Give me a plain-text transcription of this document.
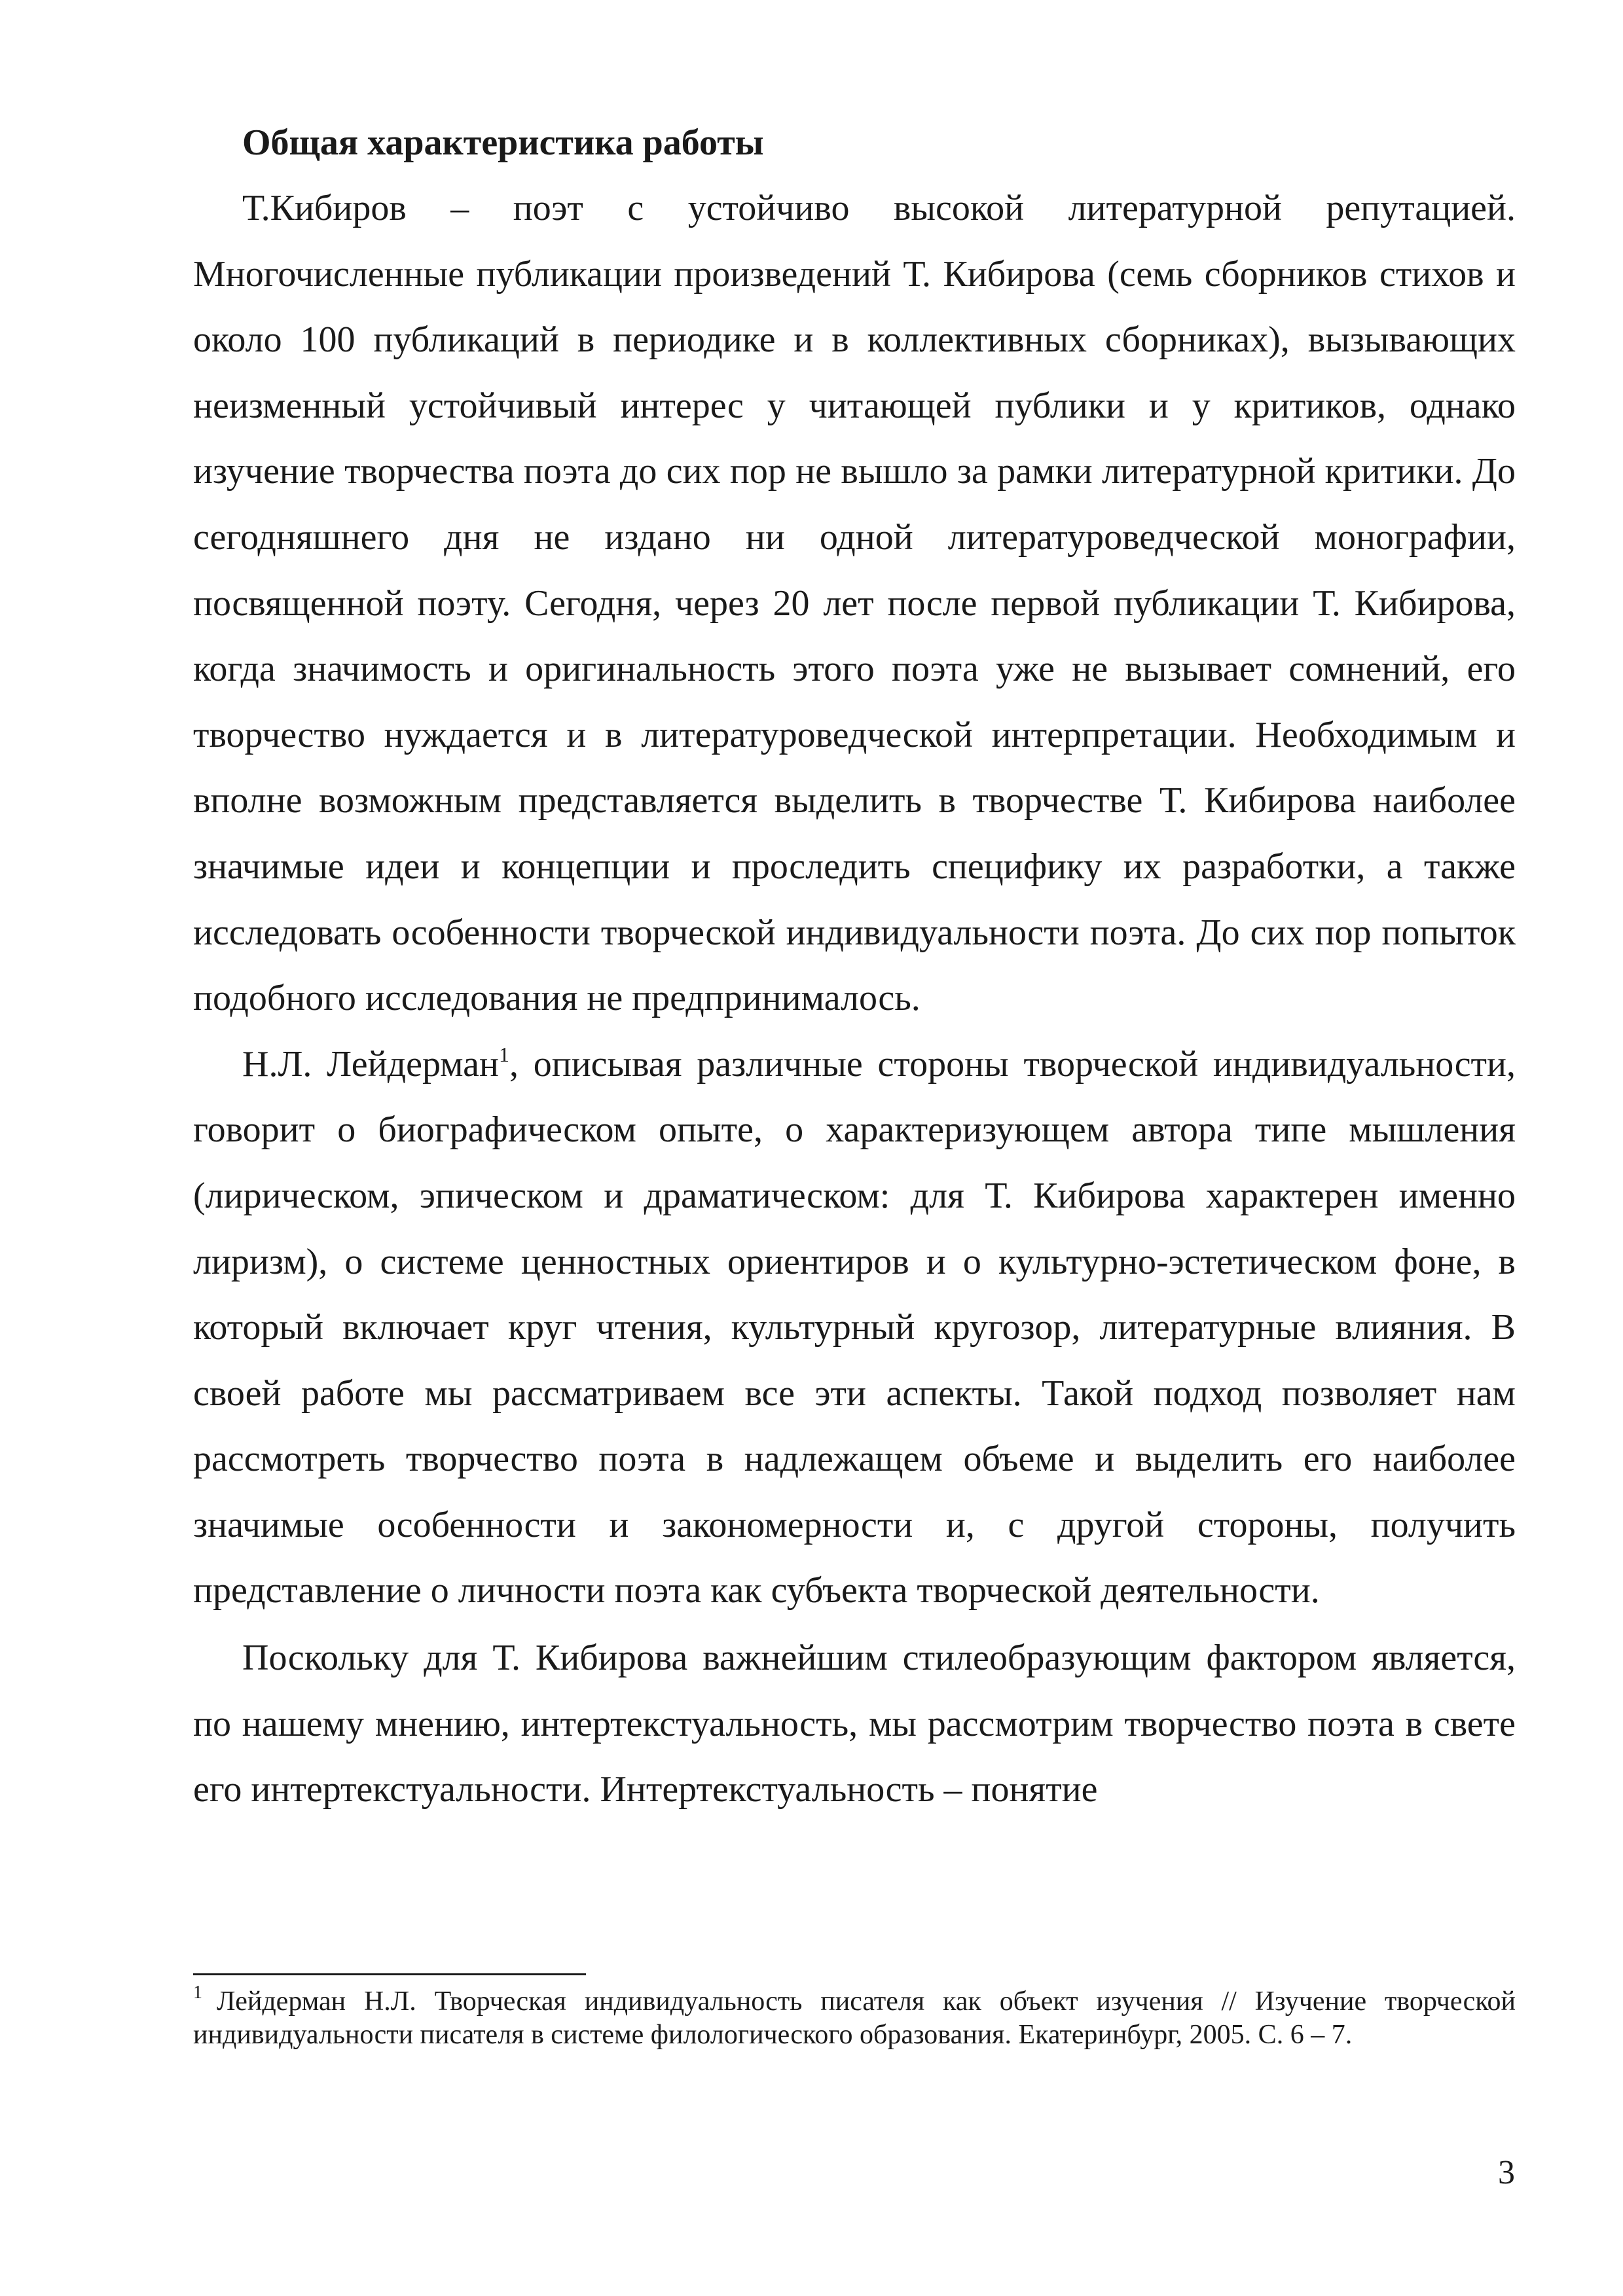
Общая характеристика работы

Т.Кибиров – поэт с устойчиво высокой литературной репутацией. Многочисленные публикации произведений Т. Кибирова (семь сборников стихов и около 100 публикаций в периодике и в коллективных сборниках), вызывающих неизменный устойчивый интерес у читающей публики и у критиков, однако изучение творчества поэта до сих пор не вышло за рамки литературной критики. До сегодняшнего дня не издано ни одной литературоведческой монографии, посвященной поэту. Сегодня, через 20 лет после первой публикации Т. Кибирова, когда значимость и оригинальность этого поэта уже не вызывает сомнений, его творчество нуждается и в литературоведческой интерпретации. Необходимым и вполне возможным представляется выделить в творчестве Т. Кибирова наиболее значимые идеи и концепции и проследить специфику их разработки, а также исследовать особенности творческой индивидуальности поэта. До сих пор попыток подобного исследования не предпринималось.

Н.Л. Лейдерман$^1$, описывая различные стороны творческой индивидуальности, говорит о биографическом опыте, о характеризующем автора типе мышления (лирическом, эпическом и драматическом: для Т. Кибирова характерен именно лиризм), о системе ценностных ориентиров и о культурно-эстетическом фоне, в который включает круг чтения, культурный кругозор, литературные влияния. В своей работе мы рассматриваем все эти аспекты. Такой подход позволяет нам рассмотреть творчество поэта в надлежащем объеме и выделить его наиболее значимые особенности и закономерности и, с другой стороны, получить представление о личности поэта как субъекта творческой деятельности.

Поскольку для Т. Кибирова важнейшим стилеобразующим фактором является, по нашему мнению, интертекстуальность, мы рассмотрим творчество поэта в свете его интертекстуальности. Интертекстуальность – понятие

$^1$ Лейдерман Н.Л. Творческая индивидуальность писателя как объект изучения // Изучение творческой индивидуальности писателя в системе филологического образования. Екатеринбург, 2005. С. 6 – 7.

3
